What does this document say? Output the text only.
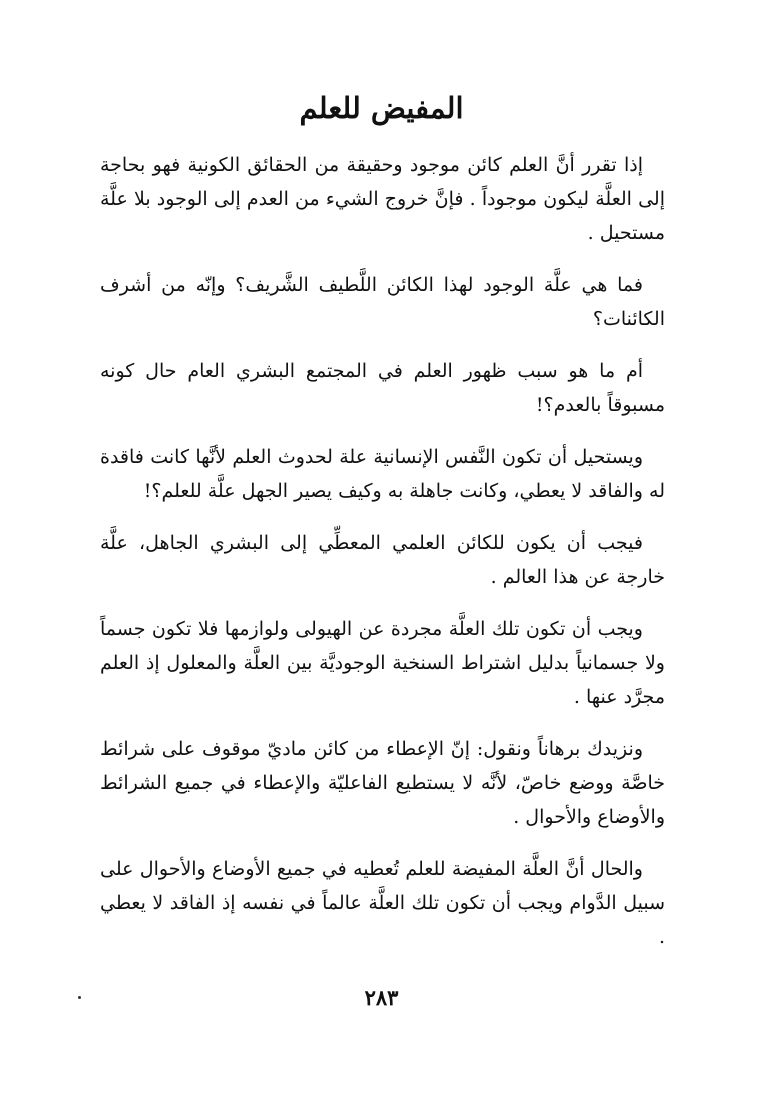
المفيض للعلم

إذا تقرر أنَّ العلم كائن موجود وحقيقة من الحقائق الكونية فهو بحاجة إلى العلَّة ليكون موجوداً . فإنَّ خروج الشيء من العدم إلى الوجود بلا علَّة مستحيل .

فما هي علَّة الوجود لهذا الكائن اللَّطيف الشَّريف؟ وإنّه من أشرف الكائنات؟

أم ما هو سبب ظهور العلم في المجتمع البشري العام حال كونه مسبوقاً بالعدم؟!

ويستحيل أن تكون النَّفس الإنسانية علة لحدوث العلم لأنَّها كانت فاقدة له والفاقد لا يعطي، وكانت جاهلة به وكيف يصير الجهل علَّة للعلم؟!

فيجب أن يكون للكائن العلمي المعطِّي إلى البشري الجاهل، علَّة خارجة عن هذا العالم .

ويجب أن تكون تلك العلَّة مجردة عن الهيولى ولوازمها فلا تكون جسماً ولا جسمانياً بدليل اشتراط السنخية الوجوديَّة بين العلَّة والمعلول إذ العلم مجرَّد عنها .

ونزيدك برهاناً ونقول: إنّ الإعطاء من كائن ماديّ موقوف على شرائط خاصَّة ووضع خاصّ، لأنَّه لا يستطيع الفاعليّة والإعطاء في جميع الشرائط والأوضاع والأحوال .

والحال أنَّ العلَّة المفيضة للعلم تُعطيه في جميع الأوضاع والأحوال على سبيل الدَّوام ويجب أن تكون تلك العلَّة عالماً في نفسه إذ الفاقد لا يعطي .

٢٨٣
